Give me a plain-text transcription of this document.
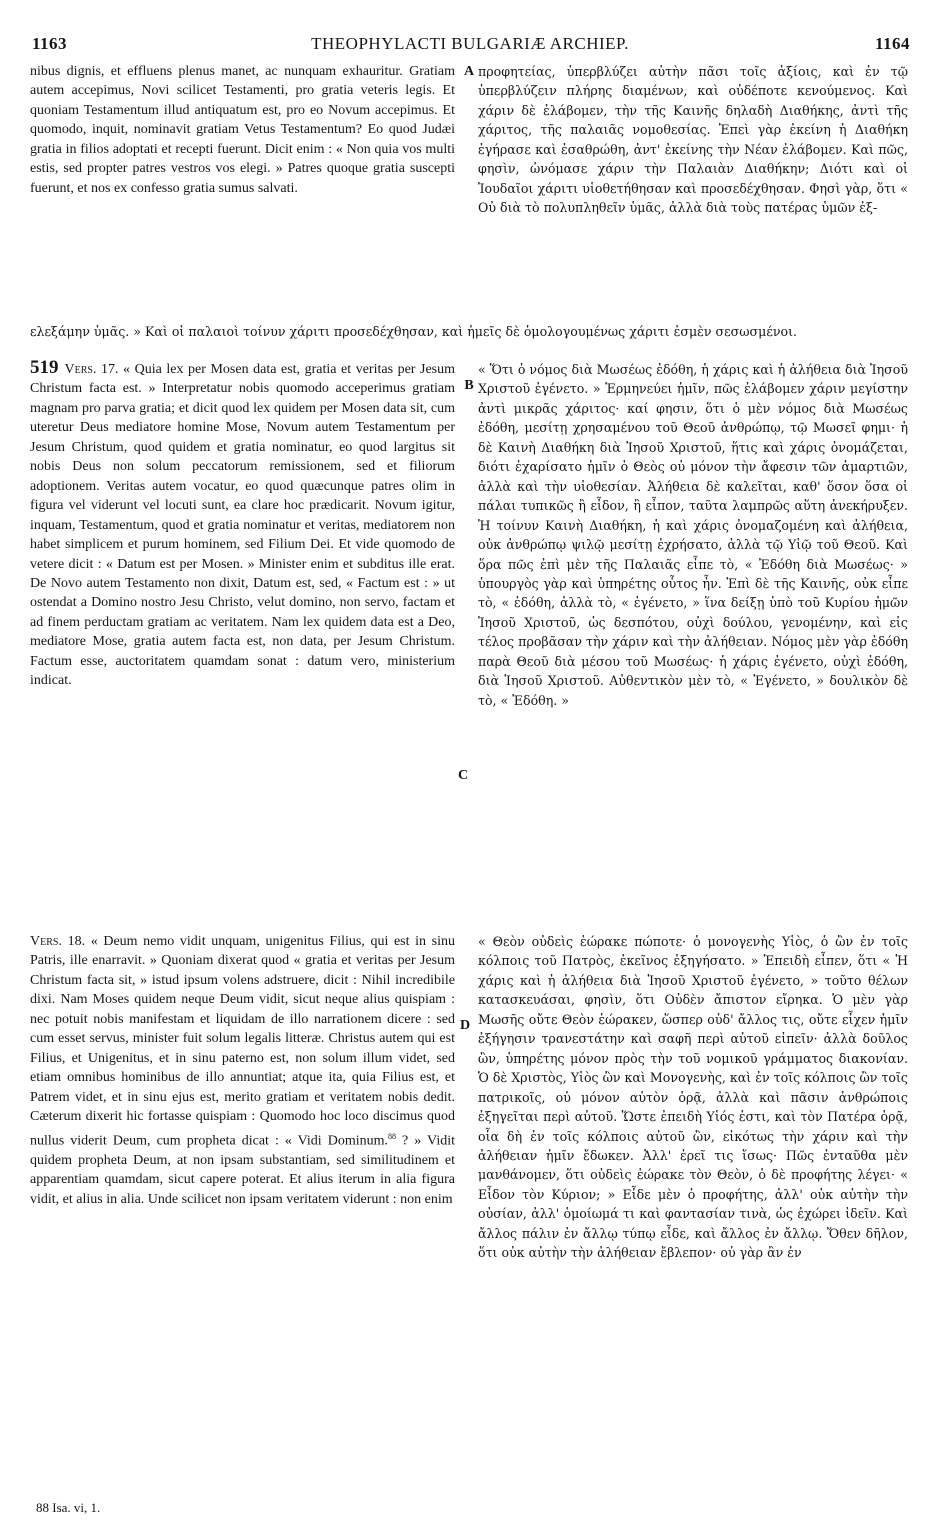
1163	THEOPHYLACTI BULGARIÆ ARCHIEP.	1164

nibus dignis, et effluens plenus manet, ac nunquam exhauritur. Gratiam autem accepimus, Novi scilicet Testamenti, pro gratia veteris legis. Et quoniam Testamentum illud antiquatum est, pro eo Novum accepimus. Et quomodo, inquit, nominavit gratiam Vetus Testamentum? Eo quod Judæi gratia in filios adoptati et recepti fuerunt. Dicit enim : « Non quia vos multi estis, sed propter patres vestros vos elegi. » Patres quoque gratia suscepti fuerunt, et nos ex confesso gratia sumus salvati.

A προφητείας, ὑπερβλύζει αὐτὴν πᾶσι τοῖς ἀξίοις, καὶ ἐν τῷ ὑπερβλύζειν πλήρης διαμένων, καὶ οὐδέποτε κενούμενος. Καὶ χάριν δὲ ἐλάβομεν, τὴν τῆς Καινῆς δηλαδὴ Διαθήκης, ἀντὶ τῆς χάριτος, τῆς παλαιᾶς νομοθεσίας. Ἐπεὶ γὰρ ἐκείνη ἡ Διαθήκη ἐγήρασε καὶ ἐσαθρώθη, ἀντ' ἐκείνης τὴν Νέαν ἐλάβομεν. Καὶ πῶς, φησὶν, ὠνόμασε χάριν τὴν Παλαιὰν Διαθήκην; Διότι καὶ οἱ Ἰουδαῖοι χάριτι υἱοθετήθησαν καὶ προσεδέχθησαν. Φησὶ γὰρ, ὅτι « Οὐ διὰ τὸ πολυπληθεῖν ὑμᾶς, ἀλλὰ διὰ τοὺς πατέρας ὑμῶν ἐξ-

ελεξάμην ὑμᾶς. » Καὶ οἱ παλαιοὶ τοίνυν χάριτι προσεδέχθησαν, καὶ ἡμεῖς δὲ ὁμολογουμένως χάριτι ἐσμὲν σεσωσμένοι.

519 Vers. 17. « Quia lex per Mosen data est, gratia et veritas per Jesum Christum facta est. » Interpretatur nobis quomodo acceperimus gratiam magnam pro parva gratia; et dicit quod lex quidem per Mosen data sit, cum uteretur Deus mediatore homine Mose, Novum autem Testamentum per Jesum Christum, quod quidem et gratia nominatur, eo quod largitus sit nobis Deus non solum peccatorum remissionem, sed et filiorum adoptionem. Veritas autem vocatur, eo quod quæcunque patres olim in figura vel viderunt vel locuti sunt, ea clare hoc prædicarit. Novum igitur, inquam, Testamentum, quod et gratia nominatur et veritas, mediatorem non habet simplicem et purum hominem, sed Filium Dei. Et vide quomodo de vetere dicit : « Datum est per Mosen. » Minister enim et subditus ille erat. De Novo autem Testamento non dixit, Datum est, sed, « Factum est : » ut ostendat a Domino nostro Jesu Christo, velut domino, non servo, factam et ad finem perductam gratiam ac veritatem. Nam lex quidem data est a Deo, mediatore Mose, gratia autem facta est, non data, per Jesum Christum. Factum esse, auctoritatem quamdam sonat : datum vero, ministerium indicat.

B
C

« Ὅτι ὁ νόμος διὰ Μωσέως ἐδόθη, ἡ χάρις καὶ ἡ ἀλήθεια διὰ Ἰησοῦ Χριστοῦ ἐγένετο. » Ἑρμηνεύει ἡμῖν, πῶς ἐλάβομεν χάριν μεγίστην ἀντὶ μικρᾶς χάριτος· καί φησιν, ὅτι ὁ μὲν νόμος διὰ Μωσέως ἐδόθη, μεσίτῃ χρησαμένου τοῦ Θεοῦ ἀνθρώπῳ, τῷ Μωσεῖ φημι· ἡ δὲ Καινὴ Διαθήκη διὰ Ἰησοῦ Χριστοῦ, ἥτις καὶ χάρις ὀνομάζεται, διότι ἐχαρίσατο ἡμῖν ὁ Θεὸς οὐ μόνον τὴν ἄφεσιν τῶν ἁμαρτιῶν, ἀλλὰ καὶ τὴν υἱοθεσίαν. Ἀλήθεια δὲ καλεῖται, καθ' ὅσον ὅσα οἱ πάλαι τυπικῶς ἢ εἶδον, ἢ εἶπον, ταῦτα λαμπρῶς αὕτη ἀνεκήρυξεν. Ἡ τοίνυν Καινὴ Διαθήκη, ἡ καὶ χάρις ὀνομαζομένη καὶ ἀλήθεια, οὐκ ἀνθρώπῳ ψιλῷ μεσίτῃ ἐχρήσατο, ἀλλὰ τῷ Υἱῷ τοῦ Θεοῦ. Καὶ ὅρα πῶς ἐπὶ μὲν τῆς Παλαιᾶς εἶπε τὸ, « Ἐδόθη διὰ Μωσέως· » ὑπουργὸς γὰρ καὶ ὑπηρέτης οὗτος ἦν. Ἐπὶ δὲ τῆς Καινῆς, οὐκ εἶπε τὸ, « ἐδόθη, ἀλλὰ τὸ, « ἐγένετο, » ἵνα δείξῃ ὑπὸ τοῦ Κυρίου ἡμῶν Ἰησοῦ Χριστοῦ, ὡς δεσπότου, οὐχὶ δούλου, γενομένην, καὶ εἰς τέλος προβᾶσαν τὴν χάριν καὶ τὴν ἀλήθειαν. Νόμος μὲν γὰρ ἐδόθη παρὰ Θεοῦ διὰ μέσου τοῦ Μωσέως· ἡ χάρις ἐγένετο, οὐχὶ ἐδόθη, διὰ Ἰησοῦ Χριστοῦ. Αὐθεντικὸν μὲν τὸ, « Ἐγένετο, » δουλικὸν δὲ τὸ, « Ἐδόθη. »

Vers. 18. « Deum nemo vidit unquam, unigenitus Filius, qui est in sinu Patris, ille enarravit. » Quoniam dixerat quod « gratia et veritas per Jesum Christum facta sit, » istud ipsum volens adstruere, dicit : Nihil incredibile dixi. Nam Moses quidem neque Deum vidit, sicut neque alius quispiam : nec potuit nobis manifestam et liquidam de illo narrationem dicere : sed cum esset servus, minister fuit solum legalis litteræ. Christus autem qui est Filius, et Unigenitus, et in sinu paterno est, non solum illum videt, sed etiam omnibus hominibus de illo annuntiat; atque ita, quia Filius est, et Patrem videt, et in sinu ejus est, merito gratiam et veritatem nobis dedit. Cæterum dixerit hic fortasse quispiam : Quomodo hoc loco discimus quod nullus viderit Deum, cum propheta dicat : « Vidi Dominum.$^{88}$ ? » Vidit quidem propheta Deum, at non ipsam substantiam, sed similitudinem et apparentiam quamdam, sicut capere poterat. Et alius iterum in alia figura vidit, et alius in alia. Unde scilicet non ipsam veritatem viderunt : non enim

D

« Θεὸν οὐδεὶς ἑώρακε πώποτε· ὁ μονογενὴς Υἱὸς, ὁ ὢν ἐν τοῖς κόλποις τοῦ Πατρὸς, ἐκεῖνος ἐξηγήσατο. » Ἐπειδὴ εἶπεν, ὅτι « Ἡ χάρις καὶ ἡ ἀλήθεια διὰ Ἰησοῦ Χριστοῦ ἐγένετο, » τοῦτο θέλων κατασκευάσαι, φησὶν, ὅτι Οὐδὲν ἄπιστον εἴρηκα. Ὁ μὲν γὰρ Μωσῆς οὔτε Θεὸν ἑώρακεν, ὥσπερ οὐδ' ἄλλος τις, οὔτε εἶχεν ἡμῖν ἐξήγησιν τρανεστάτην καὶ σαφῆ περὶ αὐτοῦ εἰπεῖν· ἀλλὰ δοῦλος ὢν, ὑπηρέτης μόνον πρὸς τὴν τοῦ νομικοῦ γράμματος διακονίαν. Ὁ δὲ Χριστὸς, Υἱὸς ὢν καὶ Μονογενὴς, καὶ ἐν τοῖς κόλποις ὢν τοῖς πατρικοῖς, οὐ μόνον αὐτὸν ὁρᾷ, ἀλλὰ καὶ πᾶσιν ἀνθρώποις ἐξηγεῖται περὶ αὐτοῦ. Ὥστε ἐπειδὴ Υἱός ἐστι, καὶ τὸν Πατέρα ὁρᾷ, οἷα δὴ ἐν τοῖς κόλποις αὐτοῦ ὢν, εἰκότως τὴν χάριν καὶ τὴν ἀλήθειαν ἡμῖν ἔδωκεν. Ἀλλ' ἐρεῖ τις ἴσως· Πῶς ἐνταῦθα μὲν μανθάνομεν, ὅτι οὐδεὶς ἑώρακε τὸν Θεὸν, ὁ δὲ προφήτης λέγει· « Εἶδον τὸν Κύριον; » Εἶδε μὲν ὁ προφήτης, ἀλλ' οὐκ αὐτὴν τὴν οὐσίαν, ἀλλ' ὁμοίωμά τι καὶ φαντασίαν τινὰ, ὡς ἐχώρει ἰδεῖν. Καὶ ἄλλος πάλιν ἐν ἄλλῳ τύπῳ εἶδε, καὶ ἄλλος ἐν ἄλλῳ. Ὅθεν δῆλον, ὅτι οὐκ αὐτὴν τὴν ἀλήθειαν ἔβλεπον· οὐ γὰρ ἂν ἐν

88 Isa. vi, 1.
